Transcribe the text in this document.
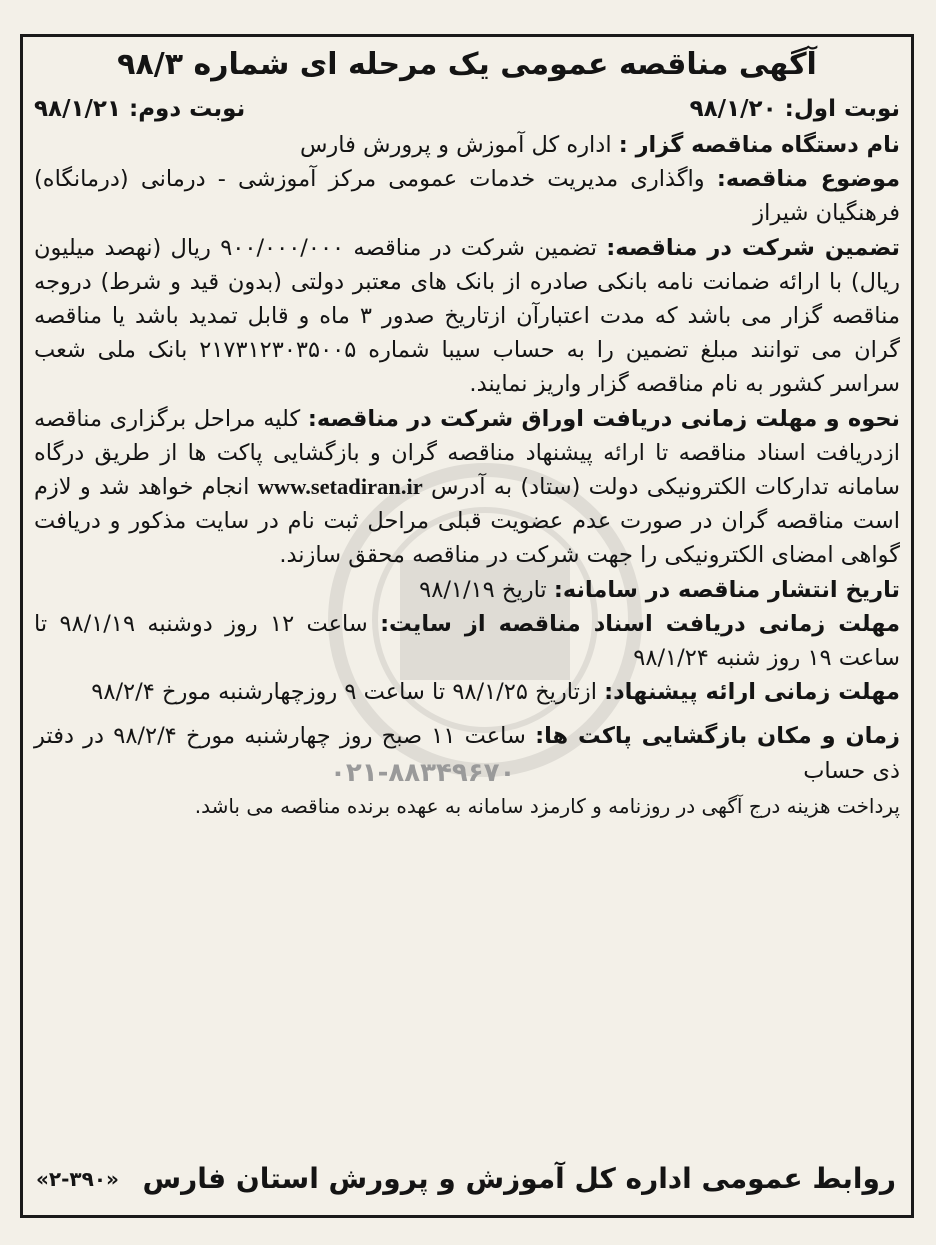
۰۲۱-۸۸۳۴۹۶۷۰
آگهی مناقصه عمومی یک مرحله ای شماره ۹۸/۳
نوبت اول: ۹۸/۱/۲۰
نوبت دوم: ۹۸/۱/۲۱

نام دستگاه مناقصه گزار : اداره کل آموزش و پرورش فارس

موضوع مناقصه: واگذاری مدیریت خدمات عمومی مرکز آموزشی - درمانی (درمانگاه) فرهنگیان شیراز

تضمین شرکت در مناقصه: تضمین شرکت در مناقصه ۹۰۰/۰۰۰/۰۰۰ ریال (نهصد میلیون ریال) با ارائه ضمانت نامه بانکی صادره از بانک های معتبر دولتی (بدون قید و شرط) دروجه مناقصه گزار می باشد که مدت اعتبارآن ازتاریخ صدور ۳ ماه و قابل تمدید باشد یا مناقصه گران می توانند مبلغ تضمین را به حساب سیبا شماره ۲۱۷۳۱۲۳۰۳۵۰۰۵ بانک ملی شعب سراسر کشور به نام مناقصه گزار واریز نمایند.

نحوه و مهلت زمانی دریافت اوراق شرکت در مناقصه: کلیه مراحل برگزاری مناقصه ازدریافت اسناد مناقصه تا ارائه پیشنهاد مناقصه گران و بازگشایی پاکت ها از طریق درگاه سامانه تدارکات الکترونیکی دولت (ستاد) به آدرس www.setadiran.ir انجام خواهد شد و لازم است مناقصه گران در صورت عدم عضویت قبلی مراحل ثبت نام در سایت مذکور و دریافت گواهی امضای الکترونیکی را جهت شرکت در مناقصه محقق سازند.

تاریخ انتشار مناقصه در سامانه: تاریخ ۹۸/۱/۱۹

مهلت زمانی دریافت اسناد مناقصه از سایت: ساعت ۱۲ روز دوشنبه ۹۸/۱/۱۹ تا ساعت ۱۹ روز شنبه ۹۸/۱/۲۴

مهلت زمانی ارائه پیشنهاد: ازتاریخ ۹۸/۱/۲۵ تا ساعت ۹ روزچهارشنبه مورخ ۹۸/۲/۴

زمان و مکان بازگشایی پاکت ها: ساعت ۱۱ صبح روز چهارشنبه مورخ ۹۸/۲/۴ در دفتر ذی حساب

پرداخت هزینه درج آگهی در روزنامه و کارمزد سامانه به عهده برنده مناقصه می باشد.

روابط عمومی اداره کل آموزش و پرورش استان فارس
«۲-۳۹۰»
